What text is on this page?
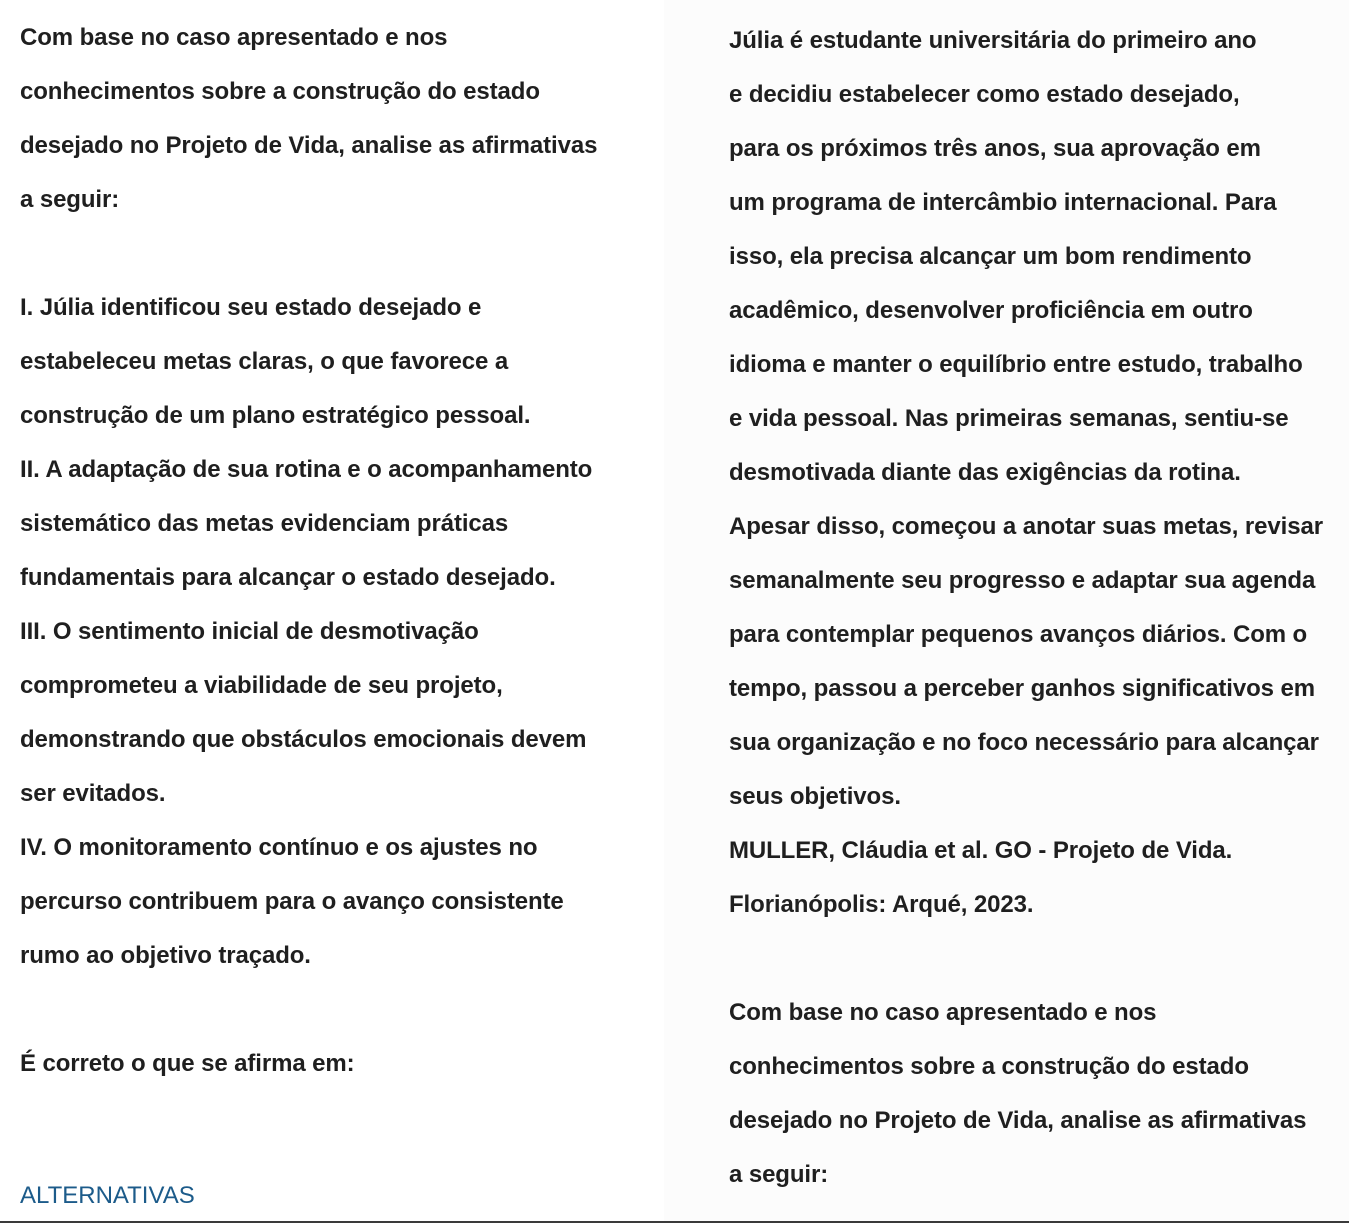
Com base no caso apresentado e nos
conhecimentos sobre a construção do estado
desejado no Projeto de Vida, analise as afirmativas
a seguir:
I. Júlia identificou seu estado desejado e
estabeleceu metas claras, o que favorece a
construção de um plano estratégico pessoal.
II. A adaptação de sua rotina e o acompanhamento
sistemático das metas evidenciam práticas
fundamentais para alcançar o estado desejado.
III. O sentimento inicial de desmotivação
comprometeu a viabilidade de seu projeto,
demonstrando que obstáculos emocionais devem
ser evitados.
IV. O monitoramento contínuo e os ajustes no
percurso contribuem para o avanço consistente
rumo ao objetivo traçado.
É correto o que se afirma em:
ALTERNATIVAS
Júlia é estudante universitária do primeiro ano
e decidiu estabelecer como estado desejado,
para os próximos três anos, sua aprovação em
um programa de intercâmbio internacional. Para
isso, ela precisa alcançar um bom rendimento
acadêmico, desenvolver proficiência em outro
idioma e manter o equilíbrio entre estudo, trabalho
e vida pessoal. Nas primeiras semanas, sentiu-se
desmotivada diante das exigências da rotina.
Apesar disso, começou a anotar suas metas, revisar
semanalmente seu progresso e adaptar sua agenda
para contemplar pequenos avanços diários. Com o
tempo, passou a perceber ganhos significativos em
sua organização e no foco necessário para alcançar
seus objetivos.
MULLER, Cláudia et al. GO - Projeto de Vida.
Florianópolis: Arqué, 2023.
Com base no caso apresentado e nos
conhecimentos sobre a construção do estado
desejado no Projeto de Vida, analise as afirmativas
a seguir:
